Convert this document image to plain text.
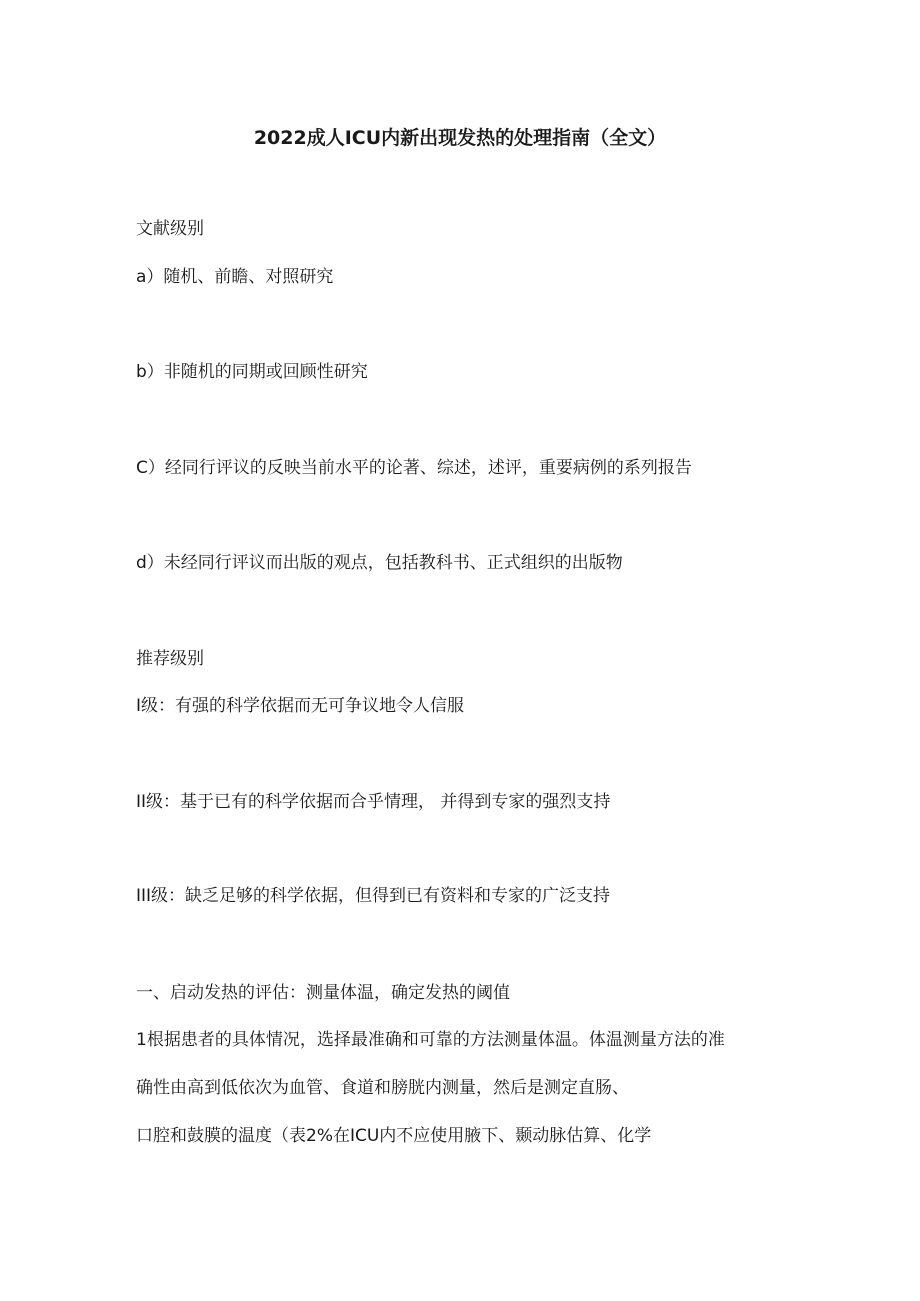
2022成人ICU内新出现发热的处理指南（全文）
文献级别
a）随机、前瞻、对照研究
b）非随机的同期或回顾性研究
C）经同行评议的反映当前水平的论著、综述，述评，重要病例的系列报告
d）未经同行评议而出版的观点，包括教科书、正式组织的出版物
推荐级别
I级：有强的科学依据而无可争议地令人信服
II级：基于已有的科学依据而合乎情理， 并得到专家的强烈支持
III级：缺乏足够的科学依据，但得到已有资料和专家的广泛支持
一、启动发热的评估：测量体温，确定发热的阈值
1根据患者的具体情况，选择最准确和可靠的方法测量体温。体温测量方法的准
确性由高到低依次为血管、食道和膀胱内测量，然后是测定直肠、
口腔和鼓膜的温度（表2%在ICU内不应使用腋下、颞动脉估算、化学
